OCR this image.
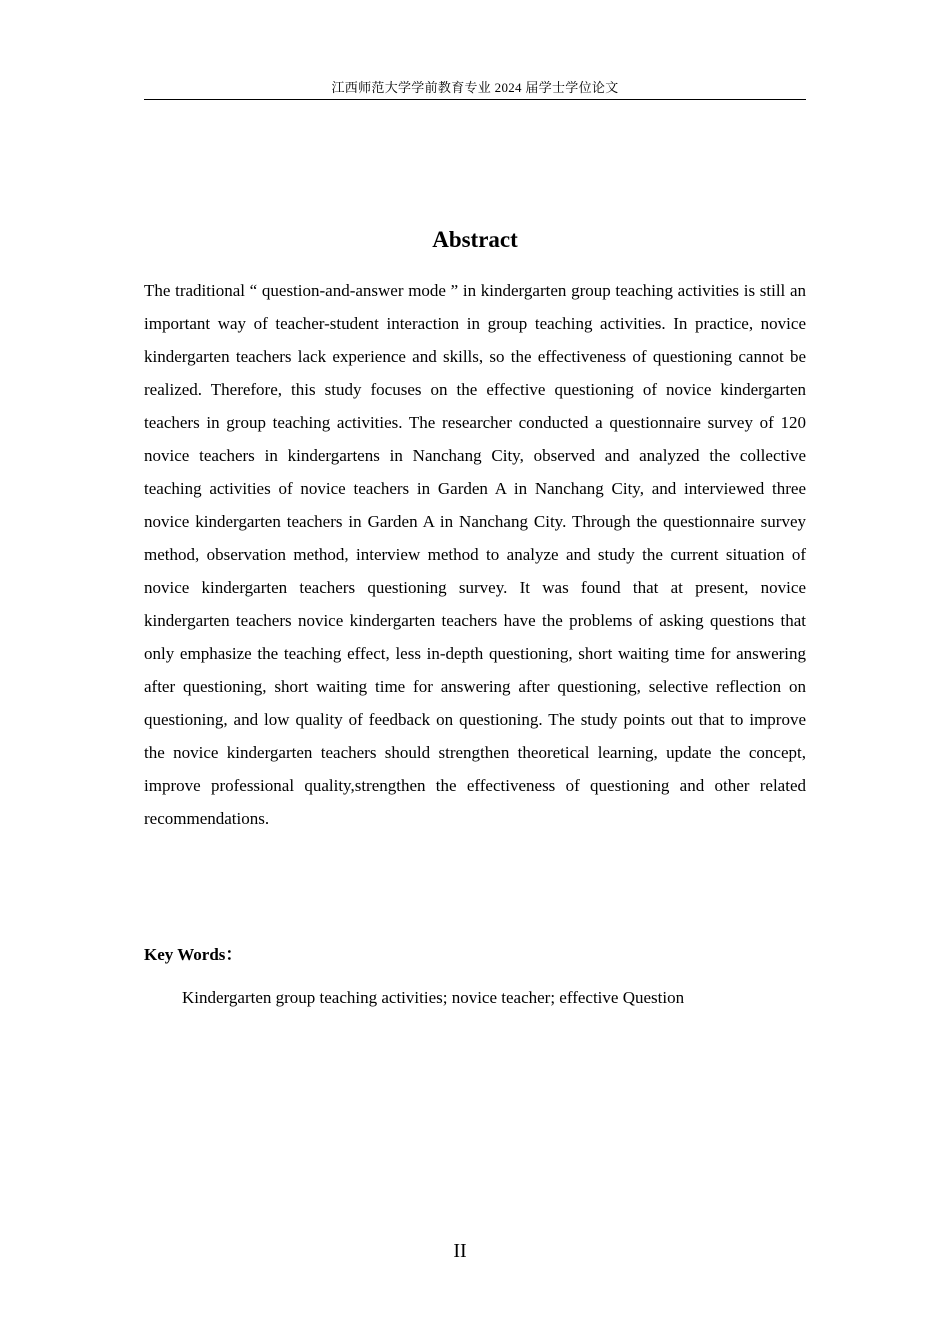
江西师范大学学前教育专业 2024 届学士学位论文
Abstract

The traditional “ question-and-answer mode ” in kindergarten group teaching activities is still an important way of teacher-student interaction in group teaching activities. In practice, novice kindergarten teachers lack experience and skills, so the effectiveness of questioning cannot be realized. Therefore, this study focuses on the effective questioning of novice kindergarten teachers in group teaching activities. The researcher conducted a questionnaire survey of 120 novice teachers in kindergartens in Nanchang City, observed and analyzed the collective teaching activities of novice teachers in Garden A in Nanchang City, and interviewed three novice kindergarten teachers in Garden A in Nanchang City. Through the questionnaire survey method, observation method, interview method to analyze and study the current situation of novice kindergarten teachers questioning survey. It was found that at present, novice kindergarten teachers novice kindergarten teachers have the problems of asking questions that only emphasize the teaching effect, less in-depth questioning, short waiting time for answering after questioning, short waiting time for answering after questioning, selective reflection on questioning, and low quality of feedback on questioning. The study points out that to improve the novice kindergarten teachers should strengthen theoretical learning, update the concept, improve professional quality,strengthen the effectiveness of questioning and other related recommendations.

Key Words：
Kindergarten group teaching activities; novice teacher; effective Question
II
